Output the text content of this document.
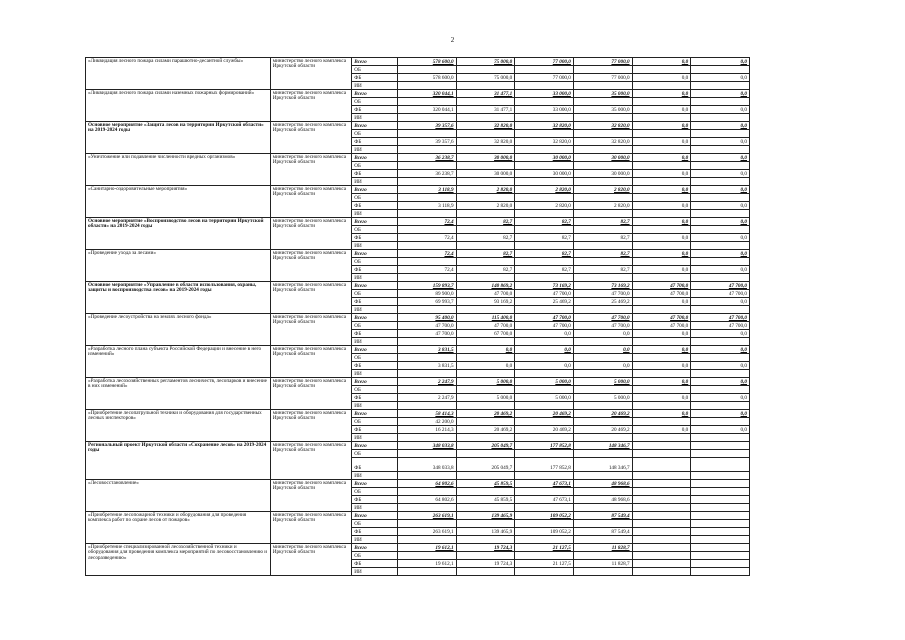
2
«Ликвидация лесного пожара силами парашютно-десантной службы»	министерство лесного комплекса Иркутской области	Всего	578 600,0	75 000,0	77 000,0	77 000,0	0,0	0,0
		ОБ						
		ФБ	578 600,0	75 000,0	77 000,0	77 000,0	0,0	0,0
		ИИ						
«Ликвидация лесного пожара силами наземных пожарных формирований»	министерство лесного комплекса Иркутской области	Всего	320 044,1	31 477,1	33 000,0	35 000,0	0,0	0,0
		ОБ						
		ФБ	320 044,1	31 477,1	33 000,0	35 000,0	0,0	0,0
		ИИ						
Основное мероприятие «Защита лесов на территории Иркутской области» на 2019-2024 годы	министерство лесного комплекса Иркутской области	Всего	39 357,6	32 820,0	32 820,0	32 820,0	0,0	0,0
		ОБ						
		ФБ	39 357,6	32 820,0	32 820,0	32 820,0	0,0	0,0
		ИИ						
«Уничтожение или подавление численности вредных организмов»	министерство лесного комплекса Иркутской области	Всего	36 238,7	30 000,0	30 000,0	30 000,0	0,0	0,0
		ОБ						
		ФБ	36 238,7	30 000,0	30 000,0	30 000,0	0,0	0,0
		ИИ						
«Санитарно-оздоровительные мероприятия»	министерство лесного комплекса Иркутской области	Всего	3 118,9	2 820,0	2 820,0	2 820,0	0,0	0,0
		ОБ						
		ФБ	3 118,9	2 820,0	2 820,0	2 820,0	0,0	0,0
		ИИ						
Основное мероприятие «Воспроизводство лесов на территории Иркутской области» на 2019-2024 годы	министерство лесного комплекса Иркутской области	Всего	72,4	82,7	82,7	82,7	0,0	0,0
		ОБ						
		ФБ	72,4	82,7	82,7	82,7	0,0	0,0
		ИИ						
«Проведение ухода за лесами»	министерство лесного комплекса Иркутской области	Всего	72,4	82,7	82,7	82,7	0,0	0,0
		ОБ						
		ФБ	72,4	82,7	82,7	82,7	0,0	0,0
		ИИ						
Основное мероприятие «Управление в области использования, охраны, защиты и воспроизводства лесов» на 2019-2024 годы	министерство лесного комплекса Иркутской области	Всего	159 893,7	140 869,2	73 169,2	73 169,2	47 700,0	47 700,0
		ОБ	89 900,0	47 700,0	47 700,0	47 700,0	47 700,0	47 700,0
		ФБ	69 993,7	93 169,2	25 469,2	25 469,2	0,0	0,0
		ИИ						
«Проведение лесоустройства на землях лесного фонда»	министерство лесного комплекса Иркутской области	Всего	95 400,0	115 400,0	47 700,0	47 700,0	47 700,0	47 700,0
		ОБ	47 700,0	47 700,0	47 700,0	47 700,0	47 700,0	47 700,0
		ФБ	47 700,0	67 700,0	0,0	0,0	0,0	0,0
		ИИ						
«Разработка лесного плана субъекта Российской Федерации и внесение в него изменений»	министерство лесного комплекса Иркутской области	Всего	3 831,5	0,0	0,0	0,0	0,0	0,0
		ОБ						
		ФБ	3 831,5	0,0	0,0	0,0	0,0	0,0
		ИИ						
«Разработка лесохозяйственных регламентов лесничеств, лесопарков и внесение в них изменений»	министерство лесного комплекса Иркутской области	Всего	2 247,9	5 000,0	5 000,0	5 000,0	0,0	0,0
		ОБ						
		ФБ	2 247,9	5 000,0	5 000,0	5 000,0	0,0	0,0
		ИИ						
«Приобретение лесопатрульной техники и оборудования для государственных лесных инспекторов»	министерство лесного комплекса Иркутской области	Всего	58 414,3	20 469,2	20 469,2	20 469,2	0,0	0,0
		ОБ	42 200,0					
		ФБ	16 214,3	20 469,2	20 469,2	20 469,2	0,0	0,0
		ИИ						
Региональный проект Иркутской области «Сохранение лесов» на 2019-2024 годы	министерство лесного комплекса Иркутской области	Всего	348 033,8	205 049,7	177 852,8	148 346,7		
		ОБ						
		ФБ	348 033,8	205 049,7	177 852,8	148 346,7		
		ИИ						
«Лесовосстановление»	министерство лесного комплекса Иркутской области	Всего	64 802,6	45 859,5	47 673,1	48 968,6		
		ОБ						
		ФБ	64 802,6	45 859,5	47 673,1	48 968,6		
		ИИ						
«Приобретение лесопожарной техники и оборудования для проведения комплекса работ по охране лесов от пожаров»	министерство лесного комплекса Иркутской области	Всего	263 619,1	139 465,9	109 052,2	87 549,4		
		ОБ						
		ФБ	263 619,1	139 465,9	109 052,2	87 549,4		
		ИИ						
«Приобретение специализированной лесохозяйственной техники и оборудования для проведения комплекса мероприятий по лесовосстановлению и лесоразведению»	министерство лесного комплекса Иркутской области	Всего	19 612,1	19 724,3	21 127,5	11 828,7		
		ОБ						
		ФБ	19 612,1	19 724,3	21 127,5	11 828,7		
		ИИ						
